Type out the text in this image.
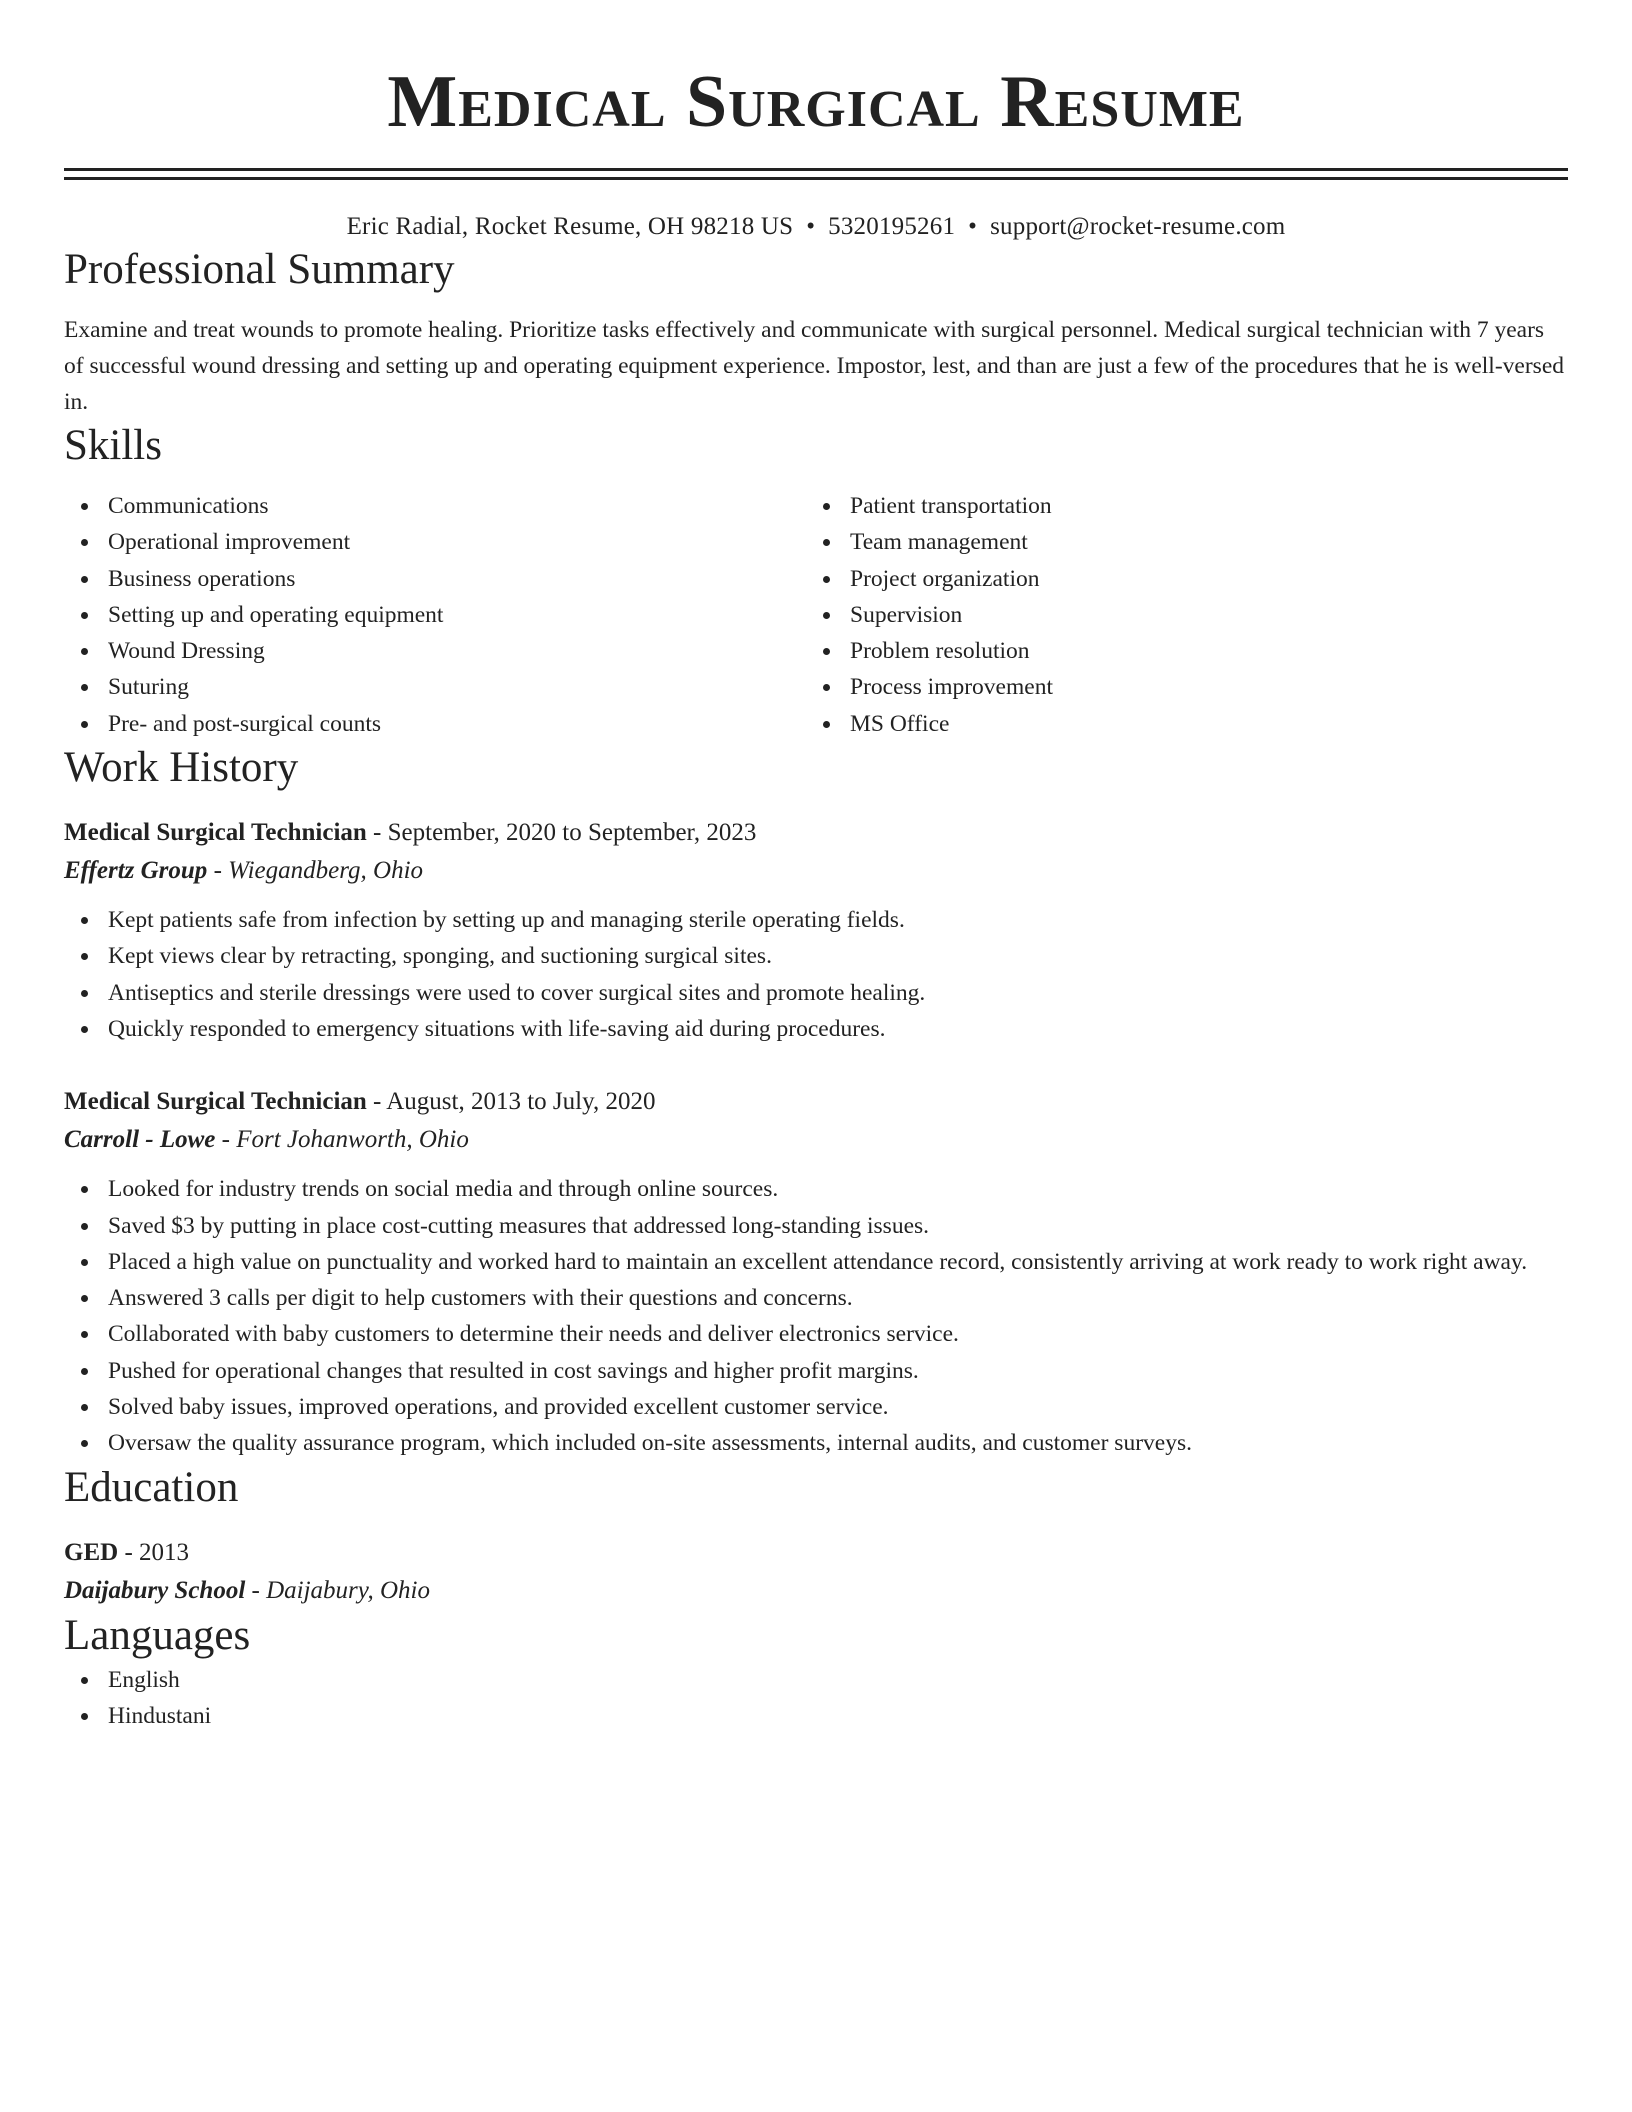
Medical Surgical Resume
Eric Radial, Rocket Resume, OH 98218 US • 5320195261 • support@rocket-resume.com
Professional Summary
Examine and treat wounds to promote healing. Prioritize tasks effectively and communicate with surgical personnel. Medical surgical technician with 7 years of successful wound dressing and setting up and operating equipment experience. Impostor, lest, and than are just a few of the procedures that he is well-versed in.
Skills
Communications
Operational improvement
Business operations
Setting up and operating equipment
Wound Dressing
Suturing
Pre- and post-surgical counts
Patient transportation
Team management
Project organization
Supervision
Problem resolution
Process improvement
MS Office
Work History
Medical Surgical Technician - September, 2020 to September, 2023
Effertz Group - Wiegandberg, Ohio
Kept patients safe from infection by setting up and managing sterile operating fields.
Kept views clear by retracting, sponging, and suctioning surgical sites.
Antiseptics and sterile dressings were used to cover surgical sites and promote healing.
Quickly responded to emergency situations with life-saving aid during procedures.
Medical Surgical Technician - August, 2013 to July, 2020
Carroll - Lowe - Fort Johanworth, Ohio
Looked for industry trends on social media and through online sources.
Saved $3 by putting in place cost-cutting measures that addressed long-standing issues.
Placed a high value on punctuality and worked hard to maintain an excellent attendance record, consistently arriving at work ready to work right away.
Answered 3 calls per digit to help customers with their questions and concerns.
Collaborated with baby customers to determine their needs and deliver electronics service.
Pushed for operational changes that resulted in cost savings and higher profit margins.
Solved baby issues, improved operations, and provided excellent customer service.
Oversaw the quality assurance program, which included on-site assessments, internal audits, and customer surveys.
Education
GED - 2013
Daijabury School - Daijabury, Ohio
Languages
English
Hindustani
